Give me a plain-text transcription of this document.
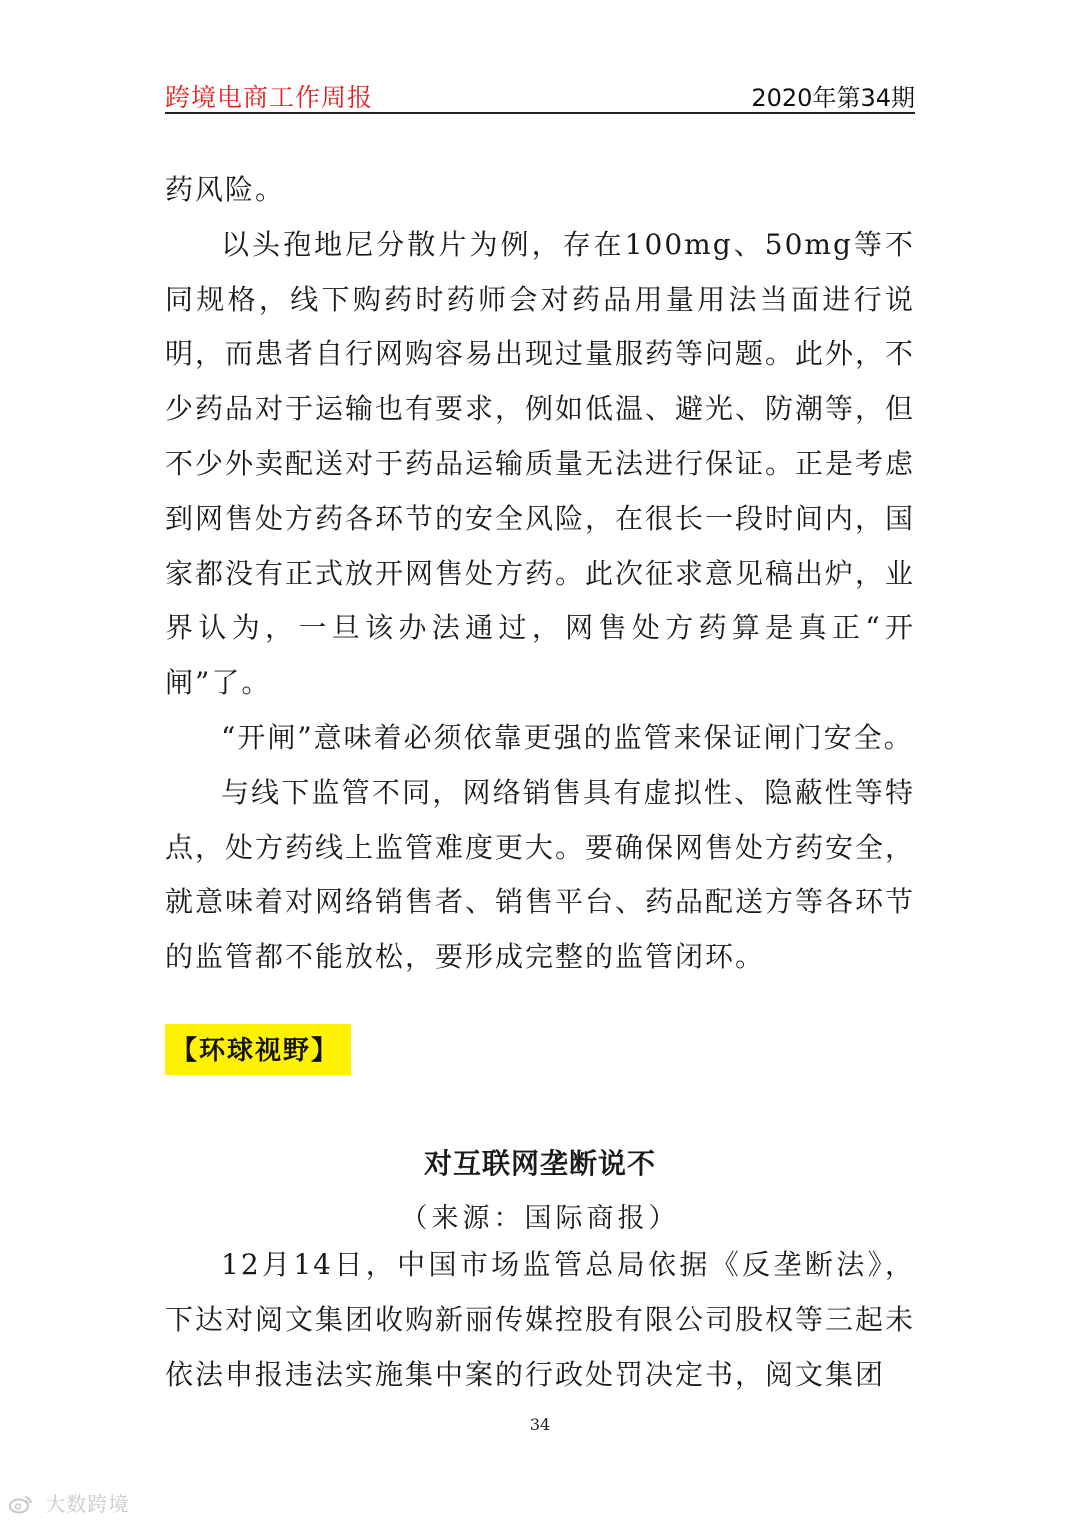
跨境电商工作周报	2020年第34期

药风险。

以头孢地尼分散片为例，存在100mg、50mg等不同规格，线下购药时药师会对药品用量用法当面进行说明，而患者自行网购容易出现过量服药等问题。此外，不少药品对于运输也有要求，例如低温、避光、防潮等，但不少外卖配送对于药品运输质量无法进行保证。正是考虑到网售处方药各环节的安全风险，在很长一段时间内，国家都没有正式放开网售处方药。此次征求意见稿出炉，业界认为，一旦该办法通过，网售处方药算是真正“开闸”了。

“开闸”意味着必须依靠更强的监管来保证闸门安全。

与线下监管不同，网络销售具有虚拟性、隐蔽性等特点，处方药线上监管难度更大。要确保网售处方药安全，就意味着对网络销售者、销售平台、药品配送方等各环节的监管都不能放松，要形成完整的监管闭环。

【环球视野】
对互联网垄断说不
（来源：国际商报）

12月14日，中国市场监管总局依据《反垄断法》，下达对阅文集团收购新丽传媒控股有限公司股权等三起未依法申报违法实施集中案的行政处罚决定书，阅文集团

34
大数跨境
